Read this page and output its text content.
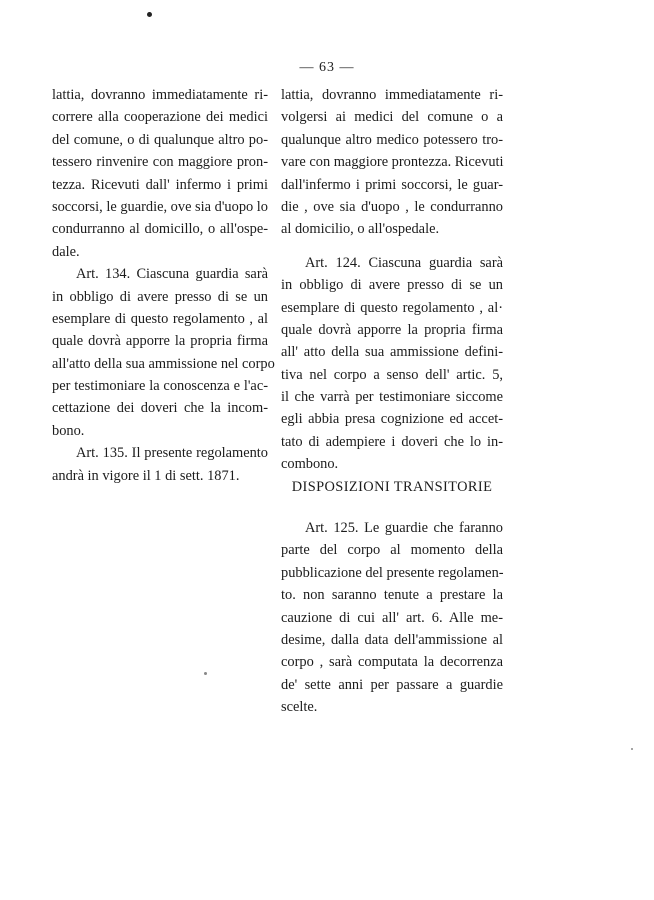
— 63 —
lattia, dovranno immediatamente ri-
correre alla cooperazione dei medici
del comune, o di qualunque altro po-
tessero rinvenire con maggiore pron-
tezza. Ricevuti dall' infermo i primi
soccorsi, le guardie, ove sia d'uopo lo
condurranno al domicillo, o all'ospe-
dale.
Art. 134. Ciascuna guardia sarà
in obbligo di avere presso di se un
esemplare di questo regolamento , al
quale dovrà apporre la propria firma
all'atto della sua ammissione nel corpo
per testimoniare la conoscenza e l'ac-
cettazione dei doveri che la incom-
bono.
Art. 135. Il presente regolamento
andrà in vigore il 1 di sett. 1871.
lattia, dovranno immediatamente ri-
volgersi ai medici del comune o a
qualunque altro medico potessero tro-
vare con maggiore prontezza. Ricevuti
dall'infermo i primi soccorsi, le guar-
die , ove sia d'uopo , le condurranno
al domicilio, o all'ospedale.
Art. 124. Ciascuna guardia sarà
in obbligo di avere presso di se un
esemplare di questo regolamento , al·
quale dovrà apporre la propria firma
all' atto della sua ammissione defini-
tiva nel corpo a senso dell' artic. 5,
il che varrà per testimoniare siccome
egli abbia presa cognizione ed accet-
tato di adempiere i doveri che lo in-
combono.
DISPOSIZIONI TRANSITORIE
Art. 125. Le guardie che faranno
parte del corpo al momento della
pubblicazione del presente regolamen-
to. non saranno tenute a prestare la
cauzione di cui all' art. 6. Alle me-
desime, dalla data dell'ammissione al
corpo , sarà computata la decorrenza
de' sette anni per passare a guardie
scelte.
